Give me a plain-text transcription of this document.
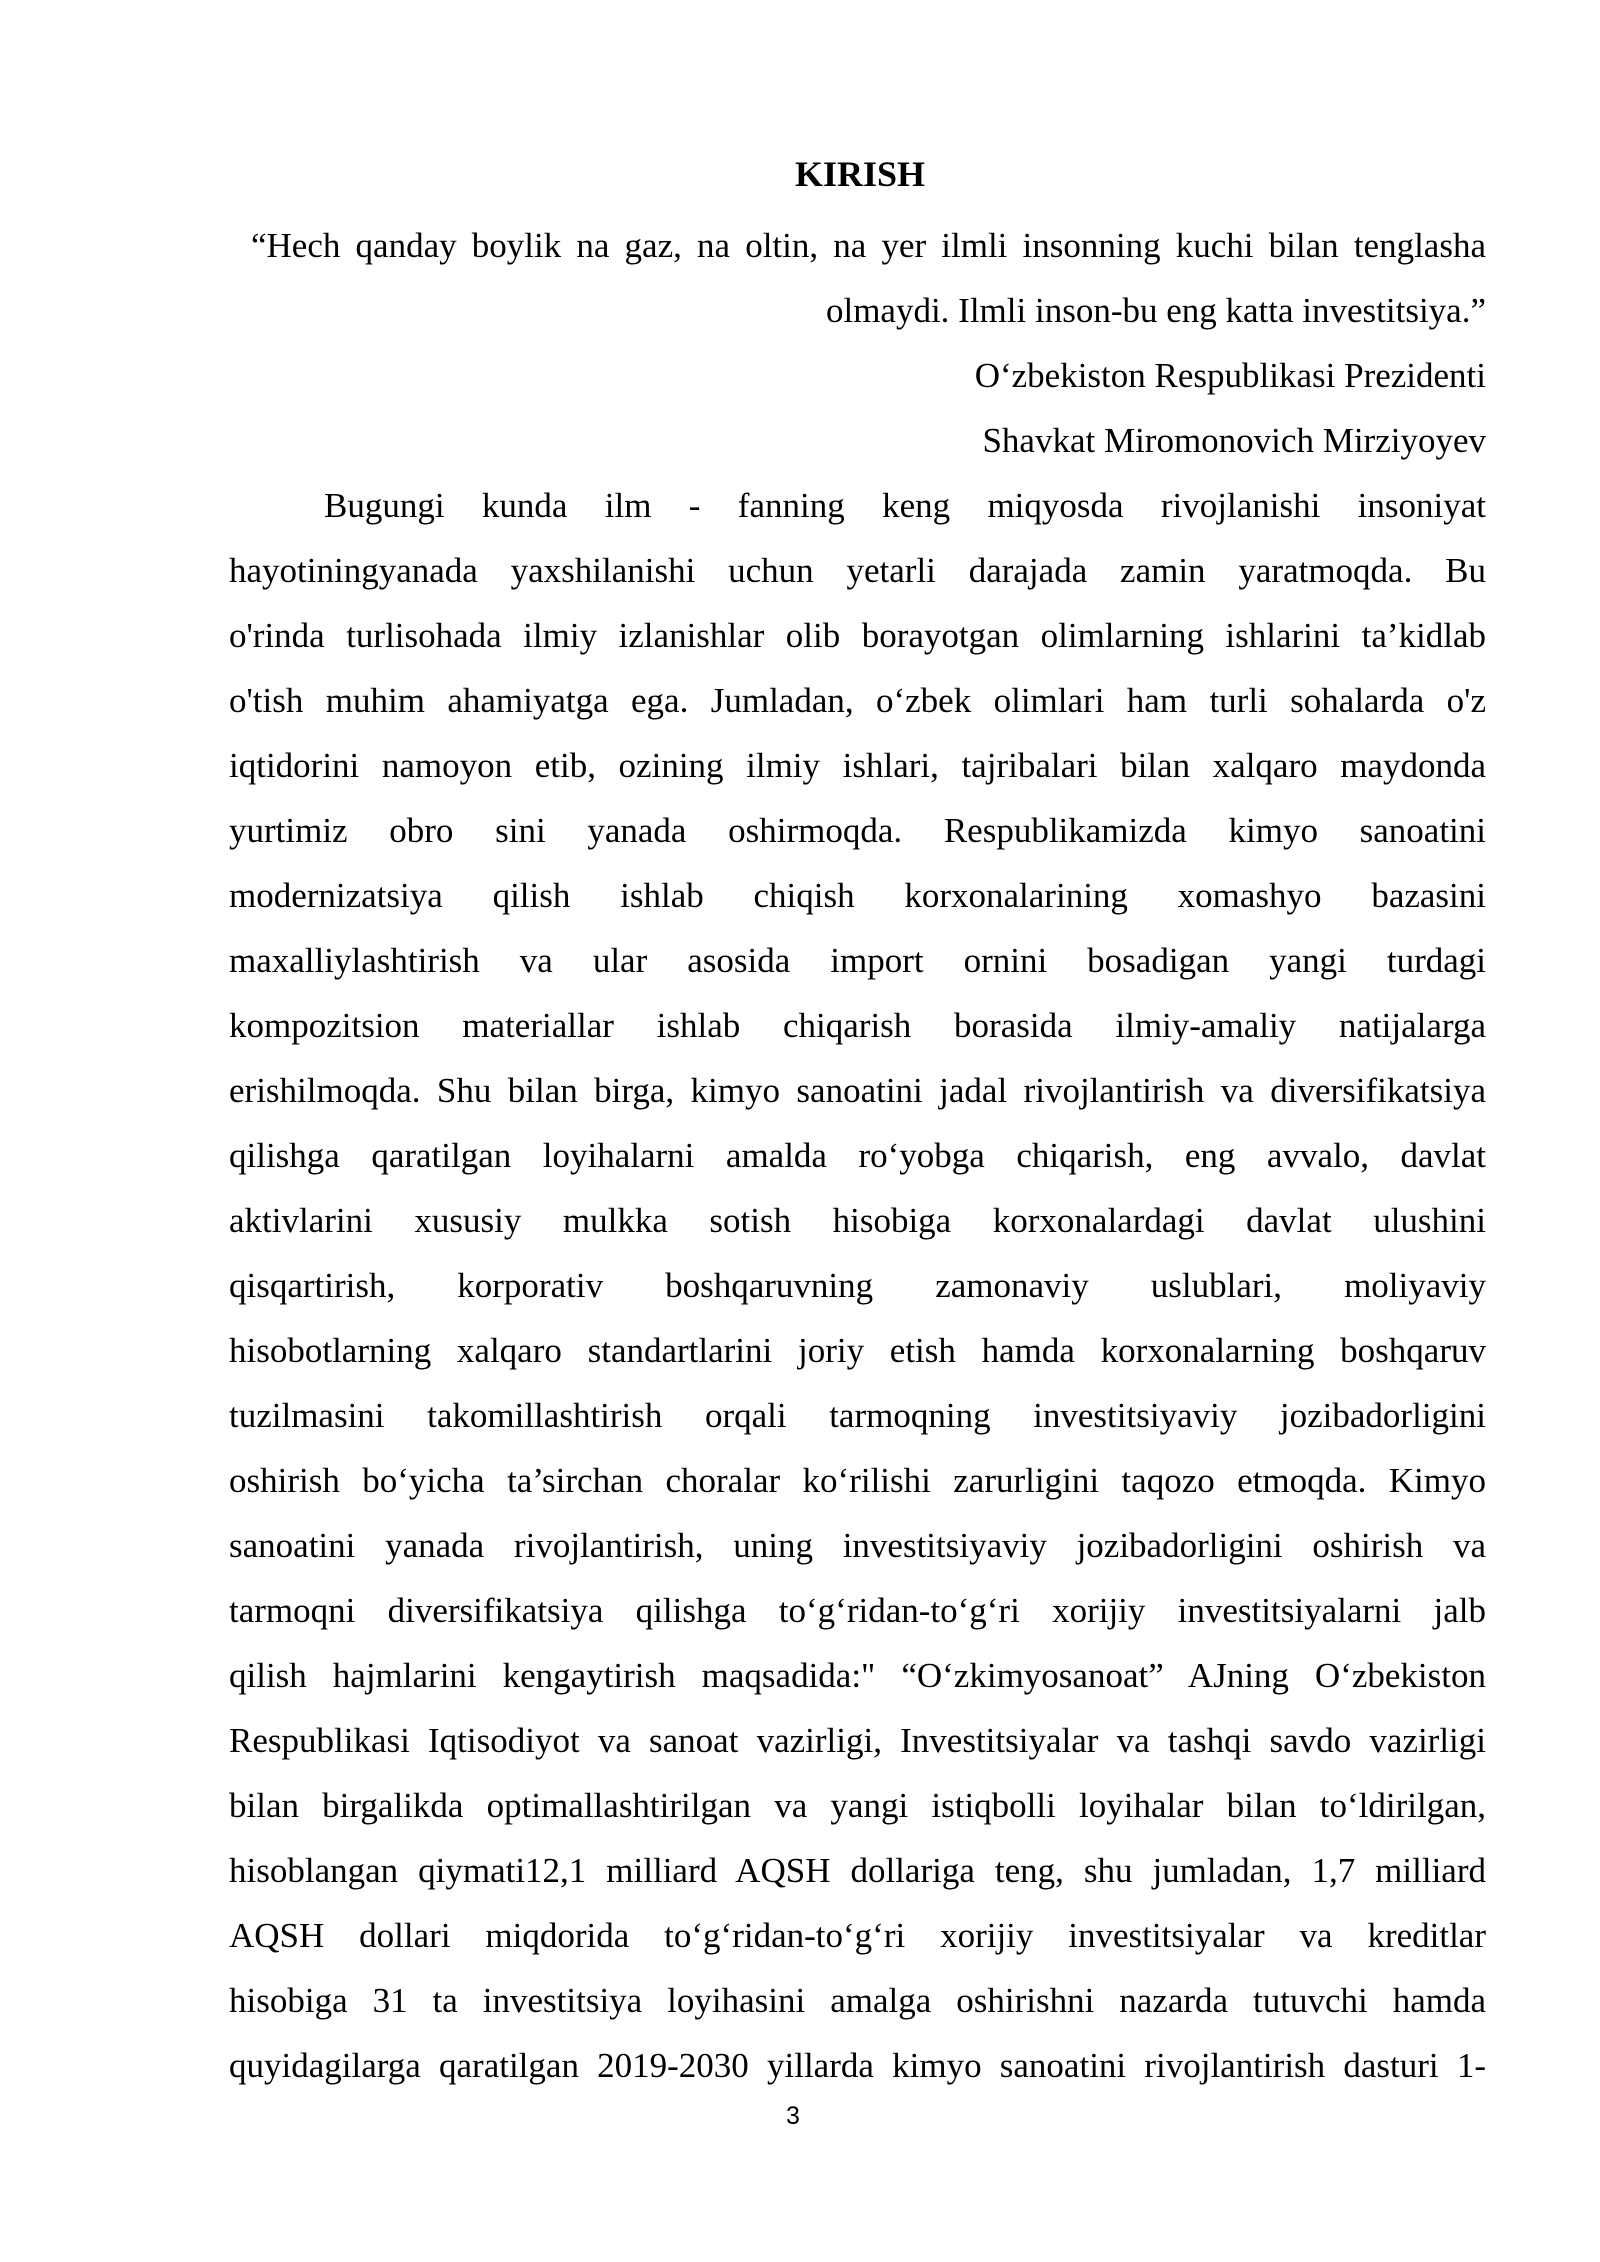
KIRISH
“Hech qanday boylik na gaz, na oltin, na yer ilmli insonning kuchi bilan tenglasha
olmaydi. Ilmli inson-bu eng katta investitsiya.”
O‘zbekiston Respublikasi Prezidenti
Shavkat Miromonovich Mirziyoyev
Bugungi kunda ilm - fanning keng miqyosda rivojlanishi insoniyat
hayotiningyanada yaxshilanishi uchun yetarli darajada zamin yaratmoqda. Bu
o'rinda turlisohada ilmiy izlanishlar olib borayotgan olimlarning ishlarini ta’kidlab
o'tish muhim ahamiyatga ega. Jumladan, o‘zbek olimlari ham turli sohalarda o'z
iqtidorini namoyon etib, ozining ilmiy ishlari, tajribalari bilan xalqaro maydonda
yurtimiz obro sini yanada oshirmoqda. Respublikamizda kimyo sanoatini
modernizatsiya qilish ishlab chiqish korxonalarining xomashyo bazasini
maxalliylashtirish va ular asosida import ornini bosadigan yangi turdagi
kompozitsion materiallar ishlab chiqarish borasida ilmiy-amaliy natijalarga
erishilmoqda. Shu bilan birga, kimyo sanoatini jadal rivojlantirish va diversifikatsiya
qilishga qaratilgan loyihalarni amalda ro‘yobga chiqarish, eng avvalo, davlat
aktivlarini xususiy mulkka sotish hisobiga korxonalardagi davlat ulushini
qisqartirish, korporativ boshqaruvning zamonaviy uslublari, moliyaviy
hisobotlarning xalqaro standartlarini joriy etish hamda korxonalarning boshqaruv
tuzilmasini takomillashtirish orqali tarmoqning investitsiyaviy jozibadorligini
oshirish bo‘yicha ta’sirchan choralar ko‘rilishi zarurligini taqozo etmoqda. Kimyo
sanoatini yanada rivojlantirish, uning investitsiyaviy jozibadorligini oshirish va
tarmoqni diversifikatsiya qilishga to‘g‘ridan-to‘g‘ri xorijiy investitsiyalarni jalb
qilish hajmlarini kengaytirish maqsadida:" “O‘zkimyosanoat” AJning O‘zbekiston
Respublikasi Iqtisodiyot va sanoat vazirligi, Investitsiyalar va tashqi savdo vazirligi
bilan birgalikda optimallashtirilgan va yangi istiqbolli loyihalar bilan to‘ldirilgan,
hisoblangan qiymati12,1 milliard AQSH dollariga teng, shu jumladan, 1,7 milliard
AQSH dollari miqdorida to‘g‘ridan-to‘g‘ri xorijiy investitsiyalar va kreditlar
hisobiga 31 ta investitsiya loyihasini amalga oshirishni nazarda tutuvchi hamda
quyidagilarga qaratilgan 2019-2030 yillarda kimyo sanoatini rivojlantirish dasturi 1-
3
